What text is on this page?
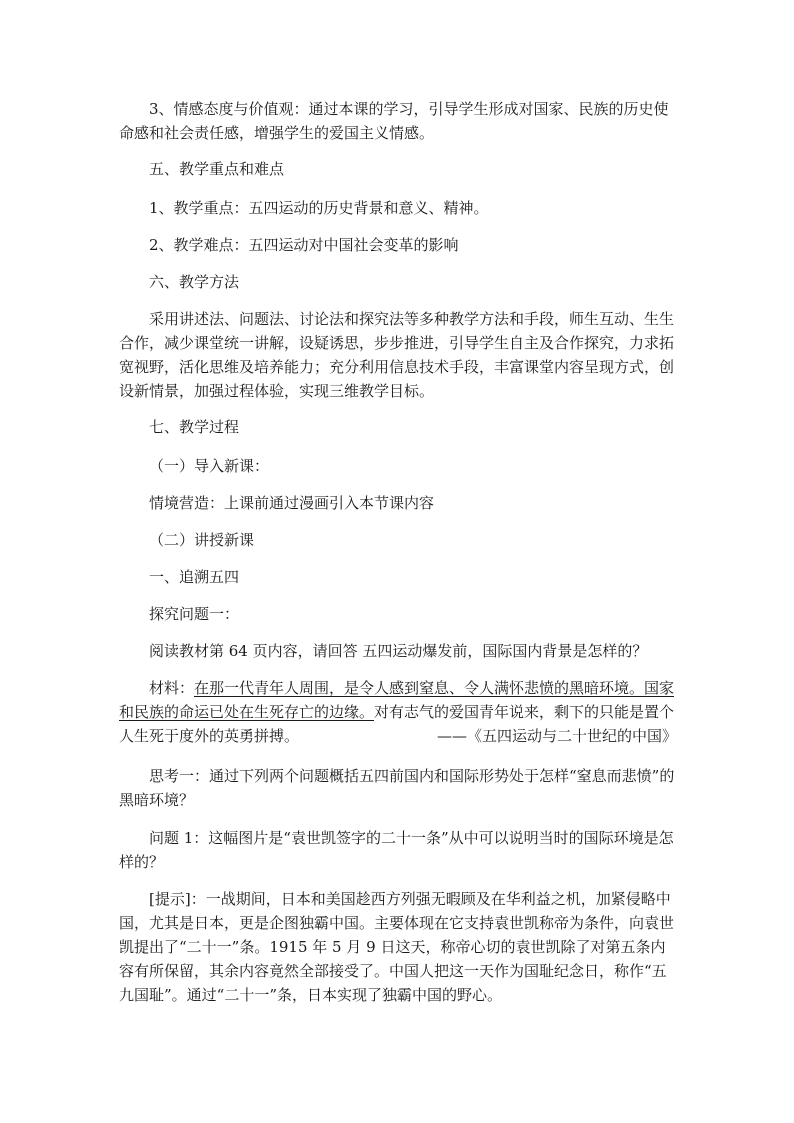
3、情感态度与价值观：通过本课的学习，引导学生形成对国家、民族的历史使命感和社会责任感，增强学生的爱国主义情感。

五、教学重点和难点

1、教学重点：五四运动的历史背景和意义、精神。

2、教学难点：五四运动对中国社会变革的影响

六、教学方法

采用讲述法、问题法、讨论法和探究法等多种教学方法和手段，师生互动、生生合作，减少课堂统一讲解，设疑诱思，步步推进，引导学生自主及合作探究，力求拓宽视野，活化思维及培养能力；充分利用信息技术手段，丰富课堂内容呈现方式，创设新情景，加强过程体验，实现三维教学目标。

七、教学过程

（一）导入新课：

情境营造：上课前通过漫画引入本节课内容

（二）讲授新课

一、追溯五四

探究问题一：

阅读教材第 64 页内容，请回答 五四运动爆发前，国际国内背景是怎样的？

材料：在那一代青年人周围，是令人感到窒息、令人满怀悲愤的黑暗环境。国家和民族的命运已处在生死存亡的边缘。对有志气的爱国青年说来，剩下的只能是置个人生死于度外的英勇拼搏。	——《五四运动与二十世纪的中国》

思考一：通过下列两个问题概括五四前国内和国际形势处于怎样“窒息而悲愤”的黑暗环境？

问题 1：这幅图片是“袁世凯签字的二十一条”从中可以说明当时的国际环境是怎样的？

[提示]：一战期间，日本和美国趁西方列强无暇顾及在华利益之机，加紧侵略中国，尤其是日本，更是企图独霸中国。主要体现在它支持袁世凯称帝为条件，向袁世凯提出了“二十一”条。1915 年 5 月 9 日这天，称帝心切的袁世凯除了对第五条内容有所保留，其余内容竟然全部接受了。中国人把这一天作为国耻纪念日，称作“五九国耻”。通过“二十一”条，日本实现了独霸中国的野心。
